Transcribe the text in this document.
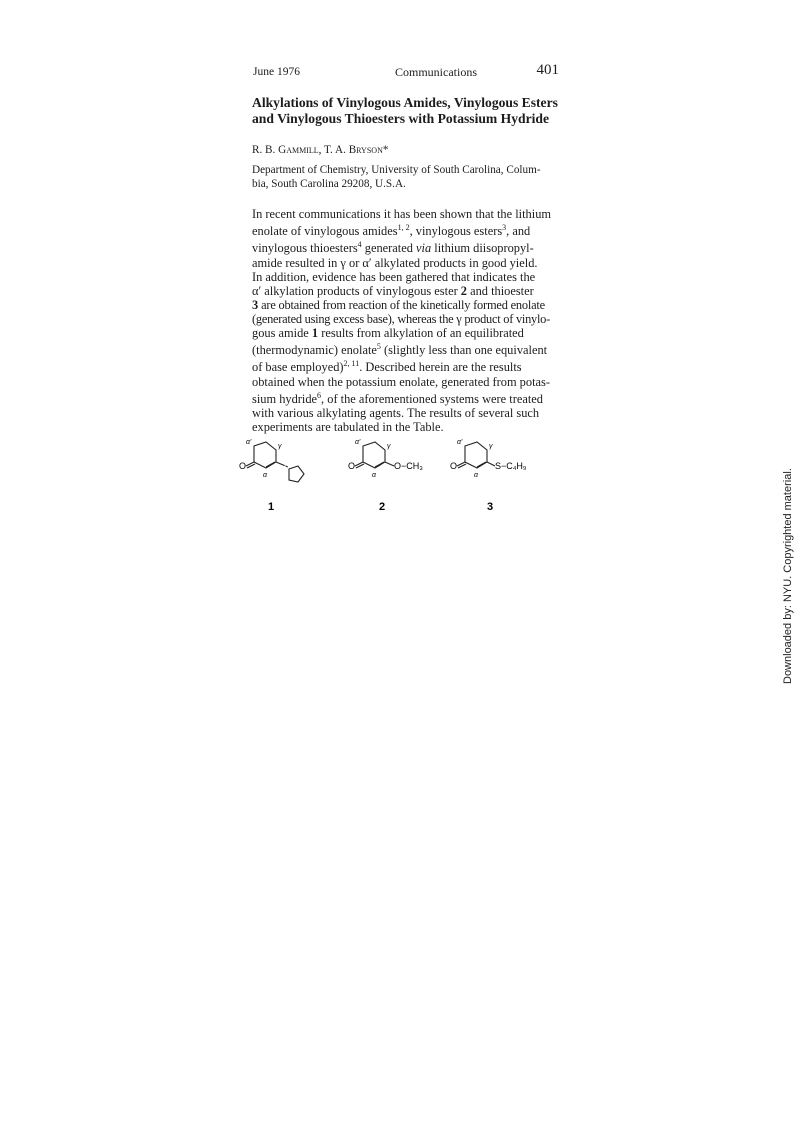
June 1976	Communications	401
Alkylations of Vinylogous Amides, Vinylogous Esters
and Vinylogous Thioesters with Potassium Hydride
R. B. Gammill, T. A. Bryson*
Department of Chemistry, University of South Carolina, Colum-
bia, South Carolina 29208, U.S.A.
In recent communications it has been shown that the lithium
enolate of vinylogous amides$^{1, 2}$, vinylogous esters$^3$, and
vinylogous thioesters$^4$ generated via lithium diisopropyl-
amide resulted in γ or α′ alkylated products in good yield.
In addition, evidence has been gathered that indicates the
α′ alkylation products of vinylogous ester 2 and thioester
3 are obtained from reaction of the kinetically formed enolate
(generated using excess base), whereas the γ product of vinylo-
gous amide 1 results from alkylation of an equilibrated
(thermodynamic) enolate$^5$ (slightly less than one equivalent
of base employed)$^{2, 11}$. Described herein are the results
obtained when the potassium enolate, generated from potas-
sium hydride$^6$, of the aforementioned systems were treated
with various alkylating agents. The results of several such
experiments are tabulated in the Table.
α′
γ
α
O	N
1
α′
γ
α
O	O−CH₃
2
α′
γ
α
O	S−C₄H₉
3	Downloaded by: NYU. Copyrighted material.
